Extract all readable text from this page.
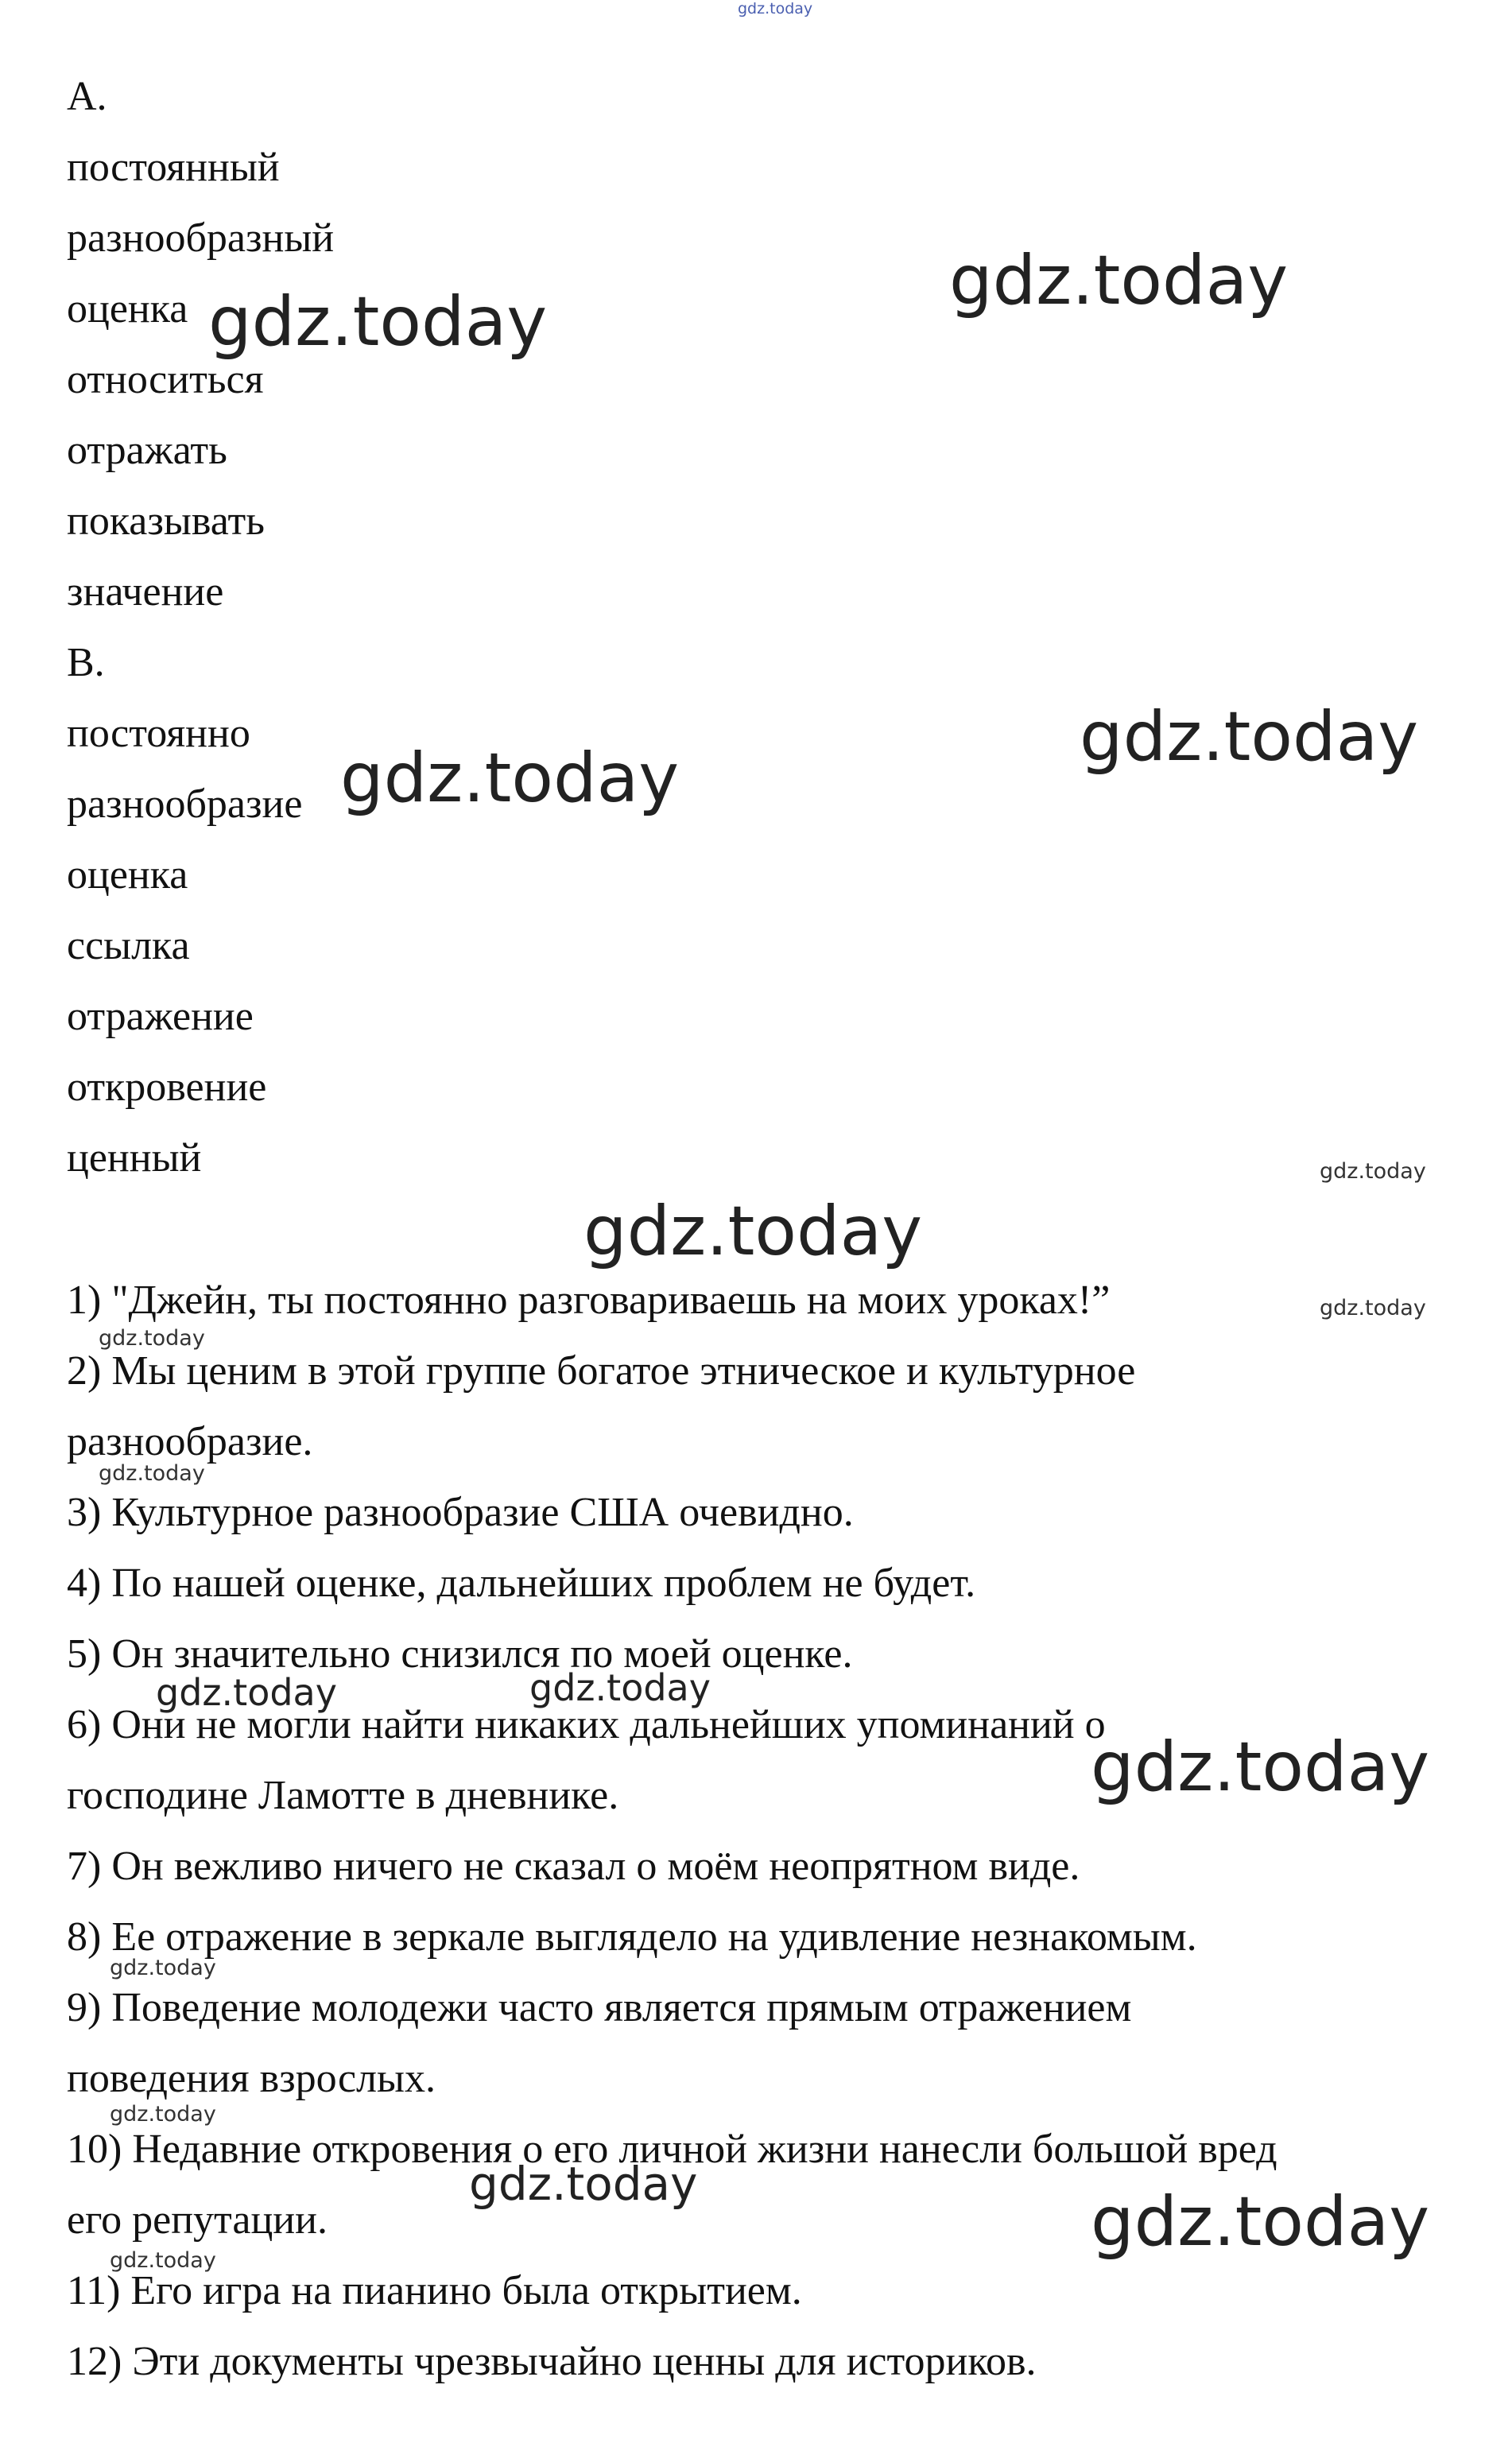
gdz.today
A.
постоянный
разнообразный
оценка
относиться
отражать
показывать
значение
B.
постоянно
разнообразие
оценка
ссылка
отражение
откровение
ценный
1) "Джейн, ты постоянно разговариваешь на моих уроках!”
2) Мы ценим в этой группе богатое этническое и культурное
разнообразие.
3) Культурное разнообразие США очевидно.
4) По нашей оценке, дальнейших проблем не будет.
5) Он значительно снизился по моей оценке.
6) Они не могли найти никаких дальнейших упоминаний о
господине Ламотте в дневнике.
7) Он вежливо ничего не сказал о моём неопрятном виде.
8) Ее отражение в зеркале выглядело на удивление незнакомым.
9) Поведение молодежи часто является прямым отражением
поведения взрослых.
10) Недавние откровения о его личной жизни нанесли большой вред
его репутации.
11) Его игра на пианино была открытием.
12) Эти документы чрезвычайно ценны для историков.
gdz.today
gdz.today
gdz.today
gdz.today
gdz.today
gdz.today
gdz.today
gdz.today	gdz.today
gdz.today
gdz.today
gdz.today
gdz.today
gdz.today
gdz.today
gdz.today
gdz.today
